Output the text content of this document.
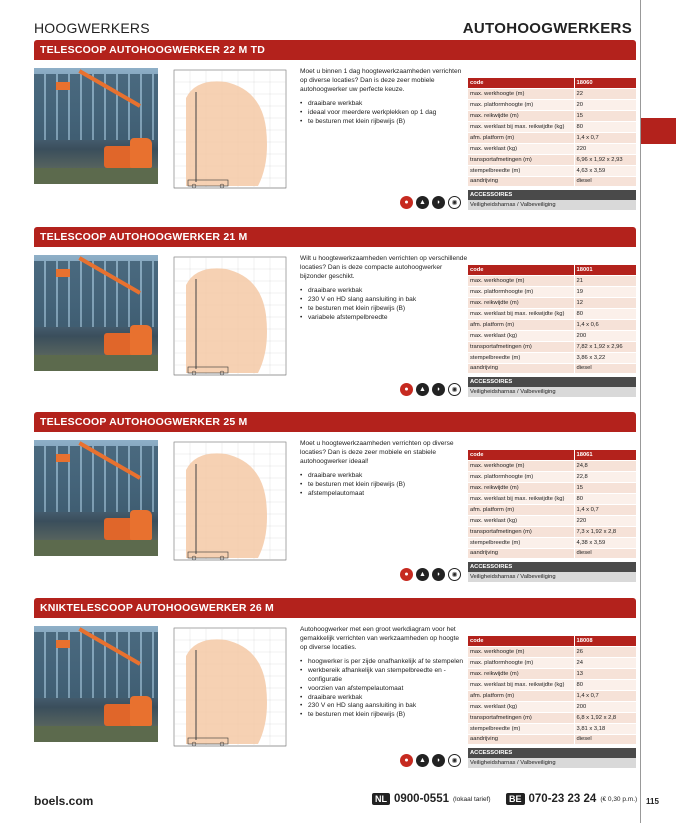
HOOGWERKERS	AUTOHOOGWERKERS
TELESCOOP AUTOHOOGWERKER 22 M TD
Moet u binnen 1 dag hoogtewerkzaamheden verrichten op diverse locaties? Dan is deze zeer mobiele autohoogwerker uw perfecte keuze.
• draaibare werkbak
• ideaal voor meerdere werkplekken op 1 dag
• te besturen met klein rijbewijs (B)
code	18060
max. werkhoogte (m)	22
max. platformhoogte (m)	20
max. reikwijdte (m)	15
max. werklast bij max. reikwijdte (kg)	80
afm. platform (m)	1,4 x 0,7
max. werklast (kg)	220
transportafmetingen (m)	6,96 x 1,92 x 2,93
stempelbreedte (m)	4,63 x 3,59
aandrijving	diesel
ACCESSOIRES
Veiligheidsharnas / Valbeveiliging
●	▲	◗	✺
TELESCOOP AUTOHOOGWERKER 21 M
Wilt u hoogtewerkzaamheden verrichten op verschillende locaties? Dan is deze compacte autohoogwerker bijzonder geschikt.
• draaibare werkbak
• 230 V en HD slang aansluiting in bak
• te besturen met klein rijbewijs (B)
• variabele afstempelbreedte
code	18001
max. werkhoogte (m)	21
max. platformhoogte (m)	19
max. reikwijdte (m)	12
max. werklast bij max. reikwijdte (kg)	80
afm. platform (m)	1,4 x 0,6
max. werklast (kg)	200
transportafmetingen (m)	7,82 x 1,92 x 2,96
stempelbreedte (m)	3,86 x 3,22
aandrijving	diesel
ACCESSOIRES
Veiligheidsharnas / Valbeveiliging
●	▲	◗	✺
TELESCOOP AUTOHOOGWERKER 25 M
Moet u hoogtewerkzaamheden verrichten op diverse locaties? Dan is deze zeer mobiele en stabiele autohoogwerker ideaal!
• draaibare werkbak
• te besturen met klein rijbewijs (B)
• afstempelautomaat
code	18061
max. werkhoogte (m)	24,8
max. platformhoogte (m)	22,8
max. reikwijdte (m)	15
max. werklast bij max. reikwijdte (kg)	80
afm. platform (m)	1,4 x 0,7
max. werklast (kg)	220
transportafmetingen (m)	7,3 x 1,92 x 2,8
stempelbreedte (m)	4,38 x 3,59
aandrijving	diesel
ACCESSOIRES
Veiligheidsharnas / Valbeveiliging
●	▲	◗	✺
KNIKTELESCOOP AUTOHOOGWERKER 26 M
Autohoogwerker met een groot werkdiagram voor het gemakkelijk verrichten van werkzaamheden op hoogte op diverse locaties.
• hoogwerker is per zijde onafhankelijk af te stempelen
• werkbereik afhankelijk van stempelbreedte en -configuratie
• voorzien van afstempelautomaat
• draaibare werkbak
• 230 V en HD slang aansluiting in bak
• te besturen met klein rijbewijs (B)
code	18008
max. werkhoogte (m)	26
max. platformhoogte (m)	24
max. reikwijdte (m)	13
max. werklast bij max. reikwijdte (kg)	80
afm. platform (m)	1,4 x 0,7
max. werklast (kg)	200
transportafmetingen (m)	6,8 x 1,92 x 2,8
stempelbreedte (m)	3,81 x 3,18
aandrijving	diesel
ACCESSOIRES
Veiligheidsharnas / Valbeveiliging
●	▲	◗	✺
boels.com	NL 0900-0551 (lokaal tarief)	BE 070-23 23 24 (€ 0,30 p.m.) 115
